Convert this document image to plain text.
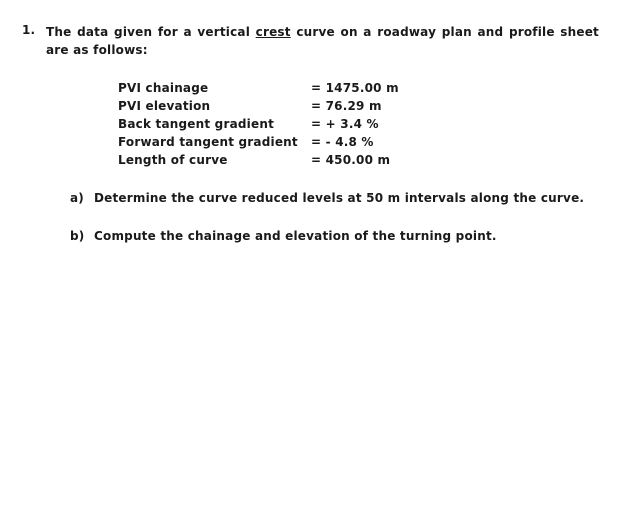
1. The data given for a vertical crest curve on a roadway plan and profile sheet are as follows:
PVI chainage	= 1475.00 m
PVI elevation	= 76.29 m
Back tangent gradient	= + 3.4 %
Forward tangent gradient	= - 4.8 %
Length of curve	= 450.00 m
a) Determine the curve reduced levels at 50 m intervals along the curve.
b) Compute the chainage and elevation of the turning point.
